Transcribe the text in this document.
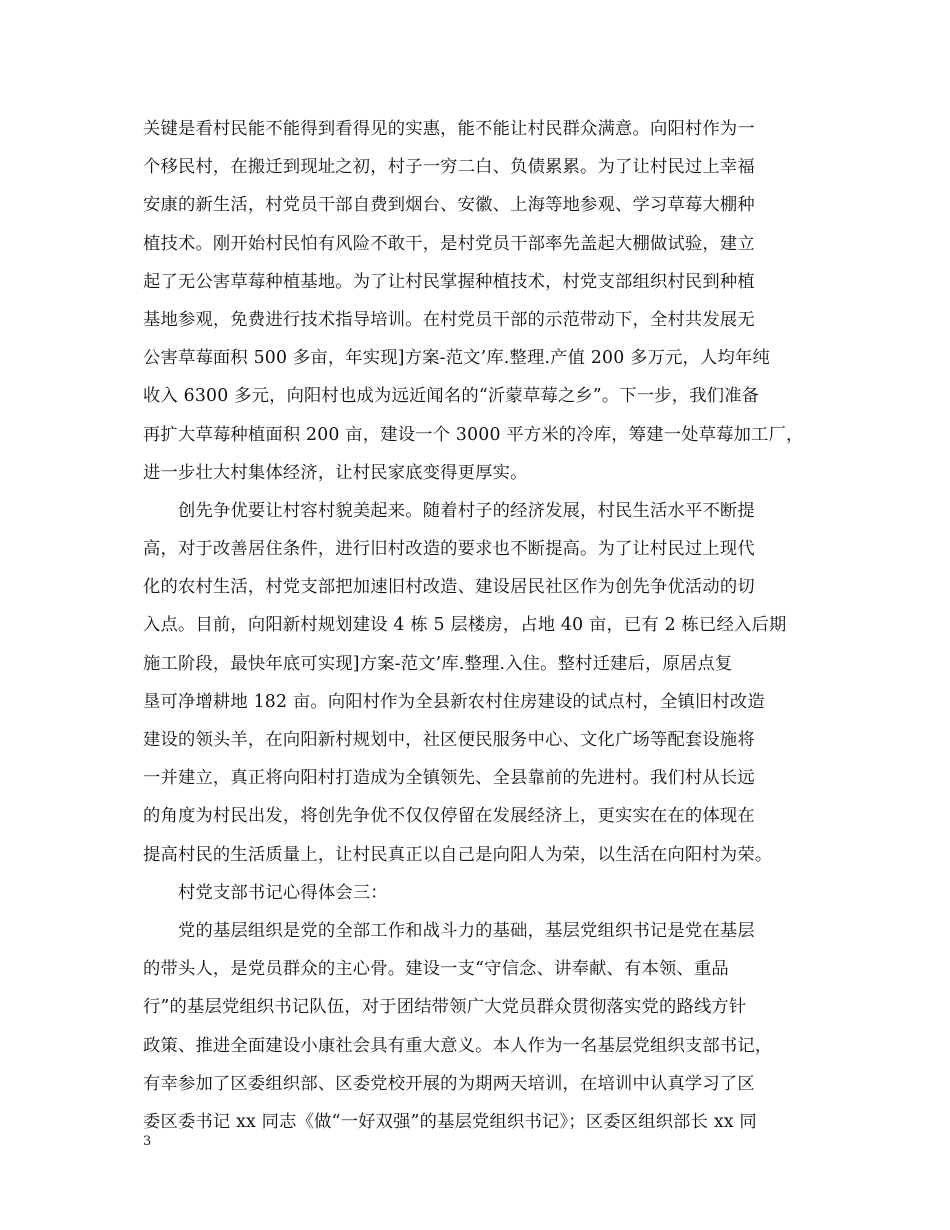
关键是看村民能不能得到看得见的实惠，能不能让村民群众满意。向阳村作为一
个移民村，在搬迁到现址之初，村子一穷二白、负债累累。为了让村民过上幸福
安康的新生活，村党员干部自费到烟台、安徽、上海等地参观、学习草莓大棚种
植技术。刚开始村民怕有风险不敢干，是村党员干部率先盖起大棚做试验，建立
起了无公害草莓种植基地。为了让村民掌握种植技术，村党支部组织村民到种植
基地参观，免费进行技术指导培训。在村党员干部的示范带动下，全村共发展无
公害草莓面积 500 多亩，年实现]方案-范文’库.整理.产值 200 多万元，人均年纯
收入 6300 多元，向阳村也成为远近闻名的“沂蒙草莓之乡”。下一步，我们准备
再扩大草莓种植面积 200 亩，建设一个 3000 平方米的冷库，筹建一处草莓加工厂，
进一步壮大村集体经济，让村民家底变得更厚实。
创先争优要让村容村貌美起来。随着村子的经济发展，村民生活水平不断提
高，对于改善居住条件，进行旧村改造的要求也不断提高。为了让村民过上现代
化的农村生活，村党支部把加速旧村改造、建设居民社区作为创先争优活动的切
入点。目前，向阳新村规划建设 4 栋 5 层楼房，占地 40 亩，已有 2 栋已经入后期
施工阶段，最快年底可实现]方案-范文’库.整理.入住。整村迁建后，原居点复
垦可净增耕地 182 亩。向阳村作为全县新农村住房建设的试点村，全镇旧村改造
建设的领头羊，在向阳新村规划中，社区便民服务中心、文化广场等配套设施将
一并建立，真正将向阳村打造成为全镇领先、全县靠前的先进村。我们村从长远
的角度为村民出发，将创先争优不仅仅停留在发展经济上，更实实在在的体现在
提高村民的生活质量上，让村民真正以自己是向阳人为荣，以生活在向阳村为荣。
村党支部书记心得体会三：
党的基层组织是党的全部工作和战斗力的基础，基层党组织书记是党在基层
的带头人，是党员群众的主心骨。建设一支“守信念、讲奉献、有本领、重品
行”的基层党组织书记队伍，对于团结带领广大党员群众贯彻落实党的路线方针
政策、推进全面建设小康社会具有重大意义。本人作为一名基层党组织支部书记，
有幸参加了区委组织部、区委党校开展的为期两天培训，在培训中认真学习了区
委区委书记 xx 同志《做“一好双强”的基层党组织书记》；区委区组织部长 xx 同
3
